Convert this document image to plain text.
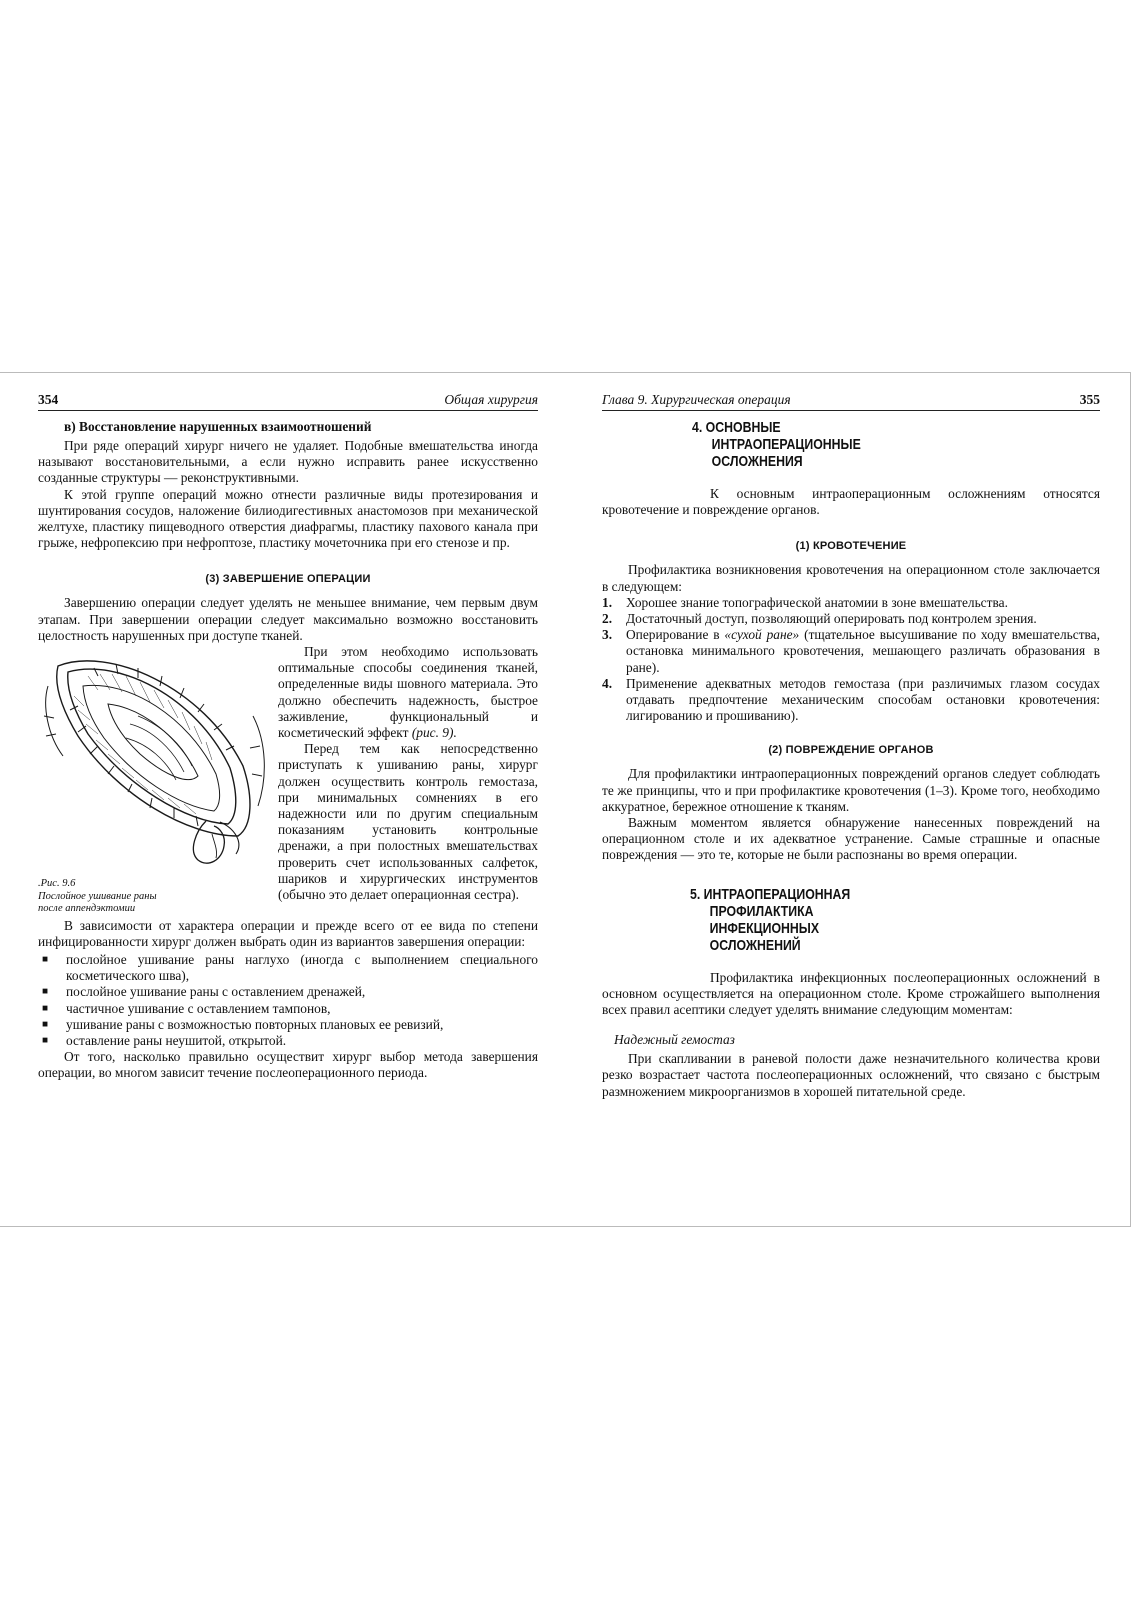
354	Общая хирургия
в) Восстановление нарушенных взаимоотношений

При ряде операций хирург ничего не удаляет. Подобные вмешательства иногда называют восстановительными, а если нужно исправить ранее искусственно созданные структуры — реконструктивными.

К этой группе операций можно отнести различные виды протезирования и шунтирования сосудов, наложение билиодигестивных анастомозов при механической желтухе, пластику пищеводного отверстия диафрагмы, пластику пахового канала при грыже, нефропексию при нефроптозе, пластику мочеточника при его стенозе и пр.

(3) ЗАВЕРШЕНИЕ ОПЕРАЦИИ

Завершению операции следует уделять не меньшее внимание, чем первым двум этапам. При завершении операции следует максимально возможно восстановить целостность нарушенных при доступе тканей.

.Рис. 9.6
Послойное ушивание раны
после аппендэктомии

При этом необходимо использовать оптимальные способы соединения тканей, определенные виды шовного материала. Это должно обеспечить надежность, быстрое заживление, функциональный и косметический эффект (рис. 9).

Перед тем как непосредственно приступать к ушиванию раны, хирург должен осуществить контроль гемостаза, при минимальных сомнениях в его надежности или по другим специальным показаниям установить контрольные дренажи, а при полостных вмешательствах проверить счет использованных салфеток, шариков и хирургических инструментов (обычно это делает операционная сестра).

В зависимости от характера операции и прежде всего от ее вида по степени инфицированности хирург должен выбрать один из вариантов завершения операции:

■ послойное ушивание раны наглухо (иногда с выполнением специального косметического шва),
■ послойное ушивание раны с оставлением дренажей,
■ частичное ушивание с оставлением тампонов,
■ ушивание раны с возможностью повторных плановых ее ревизий,
■ оставление раны неушитой, открытой.

От того, насколько правильно осуществит хирург выбор метода завершения операции, во многом зависит течение послеоперационного периода.

Глава 9. Хирургическая операция	355
4. ОСНОВНЫЕ
ИНТРАОПЕРАЦИОННЫЕ
ОСЛОЖНЕНИЯ

К основным интраоперационным осложнениям относятся кровотечение и повреждение органов.

(1) КРОВОТЕЧЕНИЕ

Профилактика возникновения кровотечения на операционном столе заключается в следующем:

1. Хорошее знание топографической анатомии в зоне вмешательства.
2. Достаточный доступ, позволяющий оперировать под контролем зрения.
3. Оперирование в «сухой ране» (тщательное высушивание по ходу вмешательства, остановка минимального кровотечения, мешающего различать образования в ране).
4. Применение адекватных методов гемостаза (при различимых глазом сосудах отдавать предпочтение механическим способам остановки кровотечения: лигированию и прошиванию).
(2) ПОВРЕЖДЕНИЕ ОРГАНОВ

Для профилактики интраоперационных повреждений органов следует соблюдать те же принципы, что и при профилактике кровотечения (1–3). Кроме того, необходимо аккуратное, бережное отношение к тканям.

Важным моментом является обнаружение нанесенных повреждений на операционном столе и их адекватное устранение. Самые страшные и опасные повреждения — это те, которые не были распознаны во время операции.

5. ИНТРАОПЕРАЦИОННАЯ
ПРОФИЛАКТИКА
ИНФЕКЦИОННЫХ
ОСЛОЖНЕНИЙ

Профилактика инфекционных послеоперационных осложнений в основном осуществляется на операционном столе. Кроме строжайшего выполнения всех правил асептики следует уделять внимание следующим моментам:

Надежный гемостаз

При скапливании в раневой полости даже незначительного количества крови резко возрастает частота послеоперационных осложнений, что связано с быстрым размножением микроорганизмов в хорошей питательной среде.
